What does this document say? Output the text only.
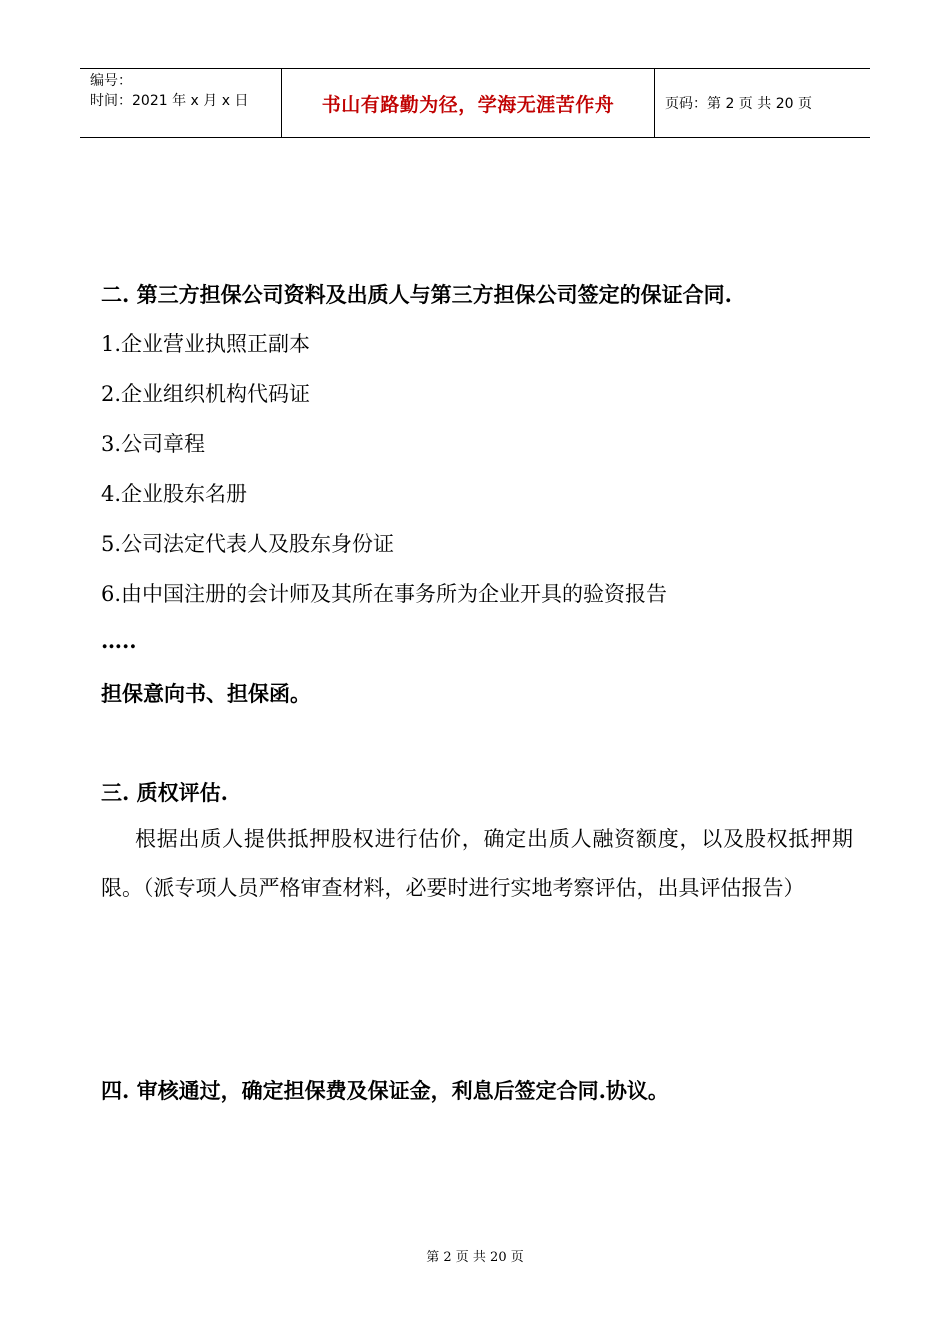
编号：
时间：2021 年 x 月 x 日	书山有路勤为径，学海无涯苦作舟	页码：第 2 页 共 20 页
二. 第三方担保公司资料及出质人与第三方担保公司签定的保证合同.
1.企业营业执照正副本
2.企业组织机构代码证
3.公司章程
4.企业股东名册
5.公司法定代表人及股东身份证
6.由中国注册的会计师及其所在事务所为企业开具的验资报告
…..
担保意向书、担保函。
三. 质权评估.
根据出质人提供抵押股权进行估价，确定出质人融资额度，以及股权抵押期限。（派专项人员严格审查材料，必要时进行实地考察评估，出具评估报告）
四. 审核通过，确定担保费及保证金，利息后签定合同.协议。
第 2 页 共 20 页
